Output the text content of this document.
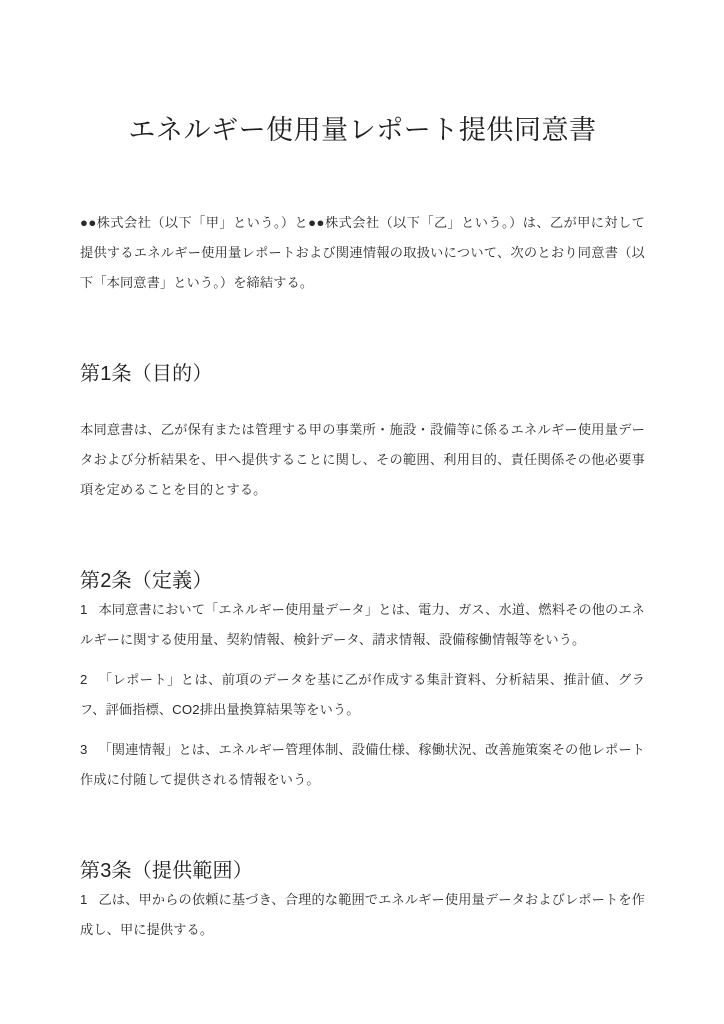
エネルギー使用量レポート提供同意書

●●株式会社（以下「甲」という。）と●●株式会社（以下「乙」という。）は、乙が甲に対して提供するエネルギー使用量レポートおよび関連情報の取扱いについて、次のとおり同意書（以下「本同意書」という。）を締結する。

第1条（目的）

本同意書は、乙が保有または管理する甲の事業所・施設・設備等に係るエネルギー使用量データおよび分析結果を、甲へ提供することに関し、その範囲、利用目的、責任関係その他必要事項を定めることを目的とする。

第2条（定義）
1 本同意書において「エネルギー使用量データ」とは、電力、ガス、水道、燃料その他のエネルギーに関する使用量、契約情報、検針データ、請求情報、設備稼働情報等をいう。
2 「レポート」とは、前項のデータを基に乙が作成する集計資料、分析結果、推計値、グラフ、評価指標、CO2排出量換算結果等をいう。
3 「関連情報」とは、エネルギー管理体制、設備仕様、稼働状況、改善施策案その他レポート作成に付随して提供される情報をいう。
第3条（提供範囲）
1 乙は、甲からの依頼に基づき、合理的な範囲でエネルギー使用量データおよびレポートを作成し、甲に提供する。
